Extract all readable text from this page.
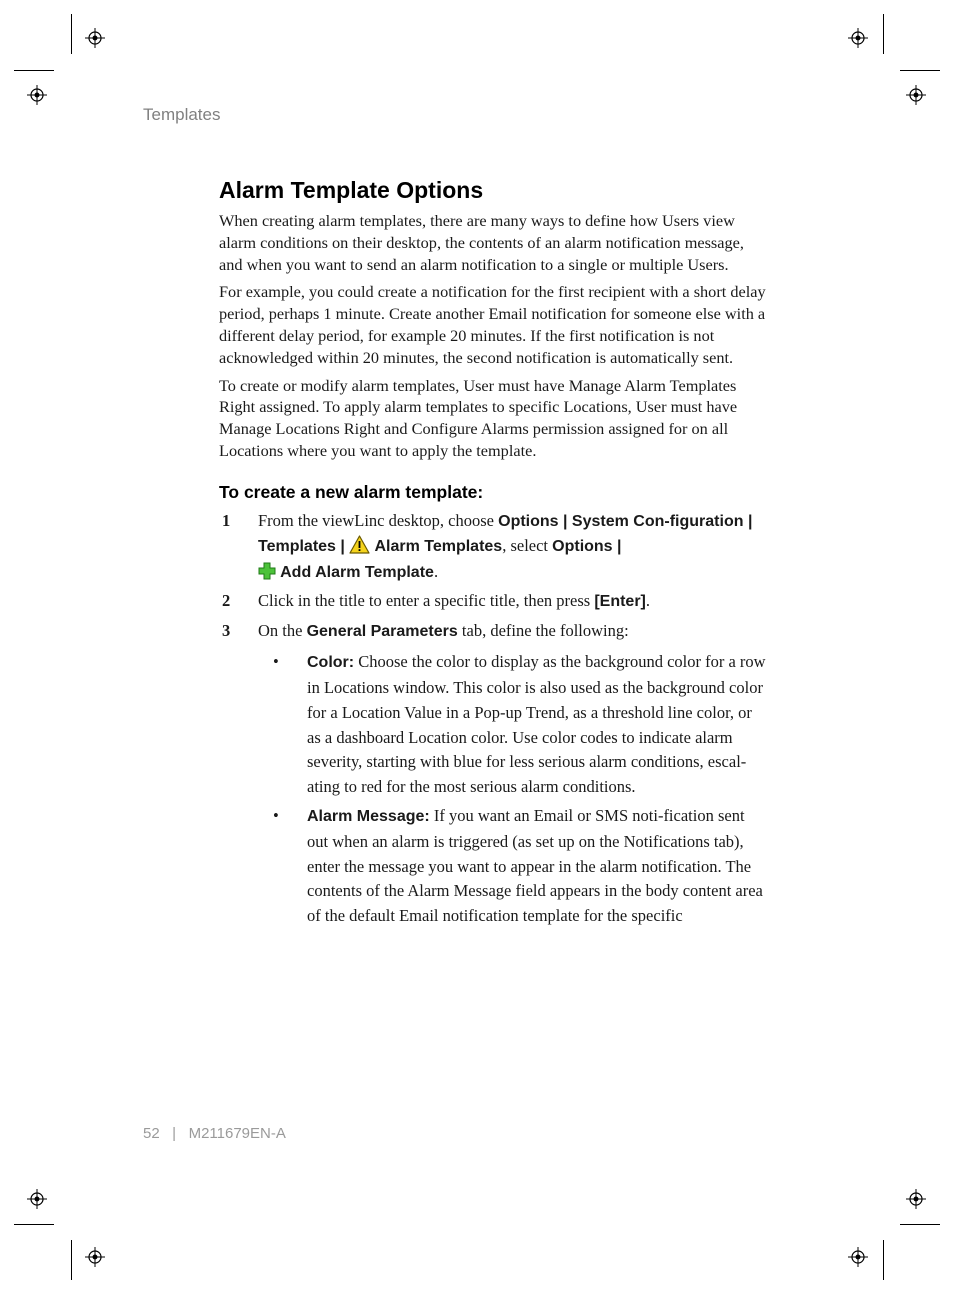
Templates
Alarm Template Options

When creating alarm templates, there are many ways to define how Users view alarm conditions on their desktop, the contents of an alarm notification message, and when you want to send an alarm notification to a single or multiple Users.

For example, you could create a notification for the first recipient with a short delay period, perhaps 1 minute. Create another Email notification for someone else with a different delay period, for example 20 minutes. If the first notification is not acknowledged within 20 minutes, the second notification is automatically sent.

To create or modify alarm templates, User must have Manage Alarm Templates Right assigned. To apply alarm templates to specific Locations, User must have Manage Locations Right and Configure Alarms permission assigned for on all Locations where you want to apply the template.

To create a new alarm template:
1 From the viewLinc desktop, choose Options | System Con-figuration | Templates |  Alarm Templates, select Options |
Add Alarm Template.
2 Click in the title to enter a specific title, then press [Enter].
3 On the General Parameters tab, define the following:
• Color: Choose the color to display as the background color for a row in Locations window. This color is also used as the background color for a Location Value in a Pop-up Trend, as a threshold line color, or as a dashboard Location color. Use color codes to indicate alarm severity, starting with blue for less serious alarm conditions, escal-ating to red for the most serious alarm conditions.
• Alarm Message: If you want an Email or SMS noti-fication sent out when an alarm is triggered (as set up on the Notifications tab), enter the message you want to appear in the alarm notification. The contents of the Alarm Message field appears in the body content area of the default Email notification template for the specific
52   |   M211679EN-A
